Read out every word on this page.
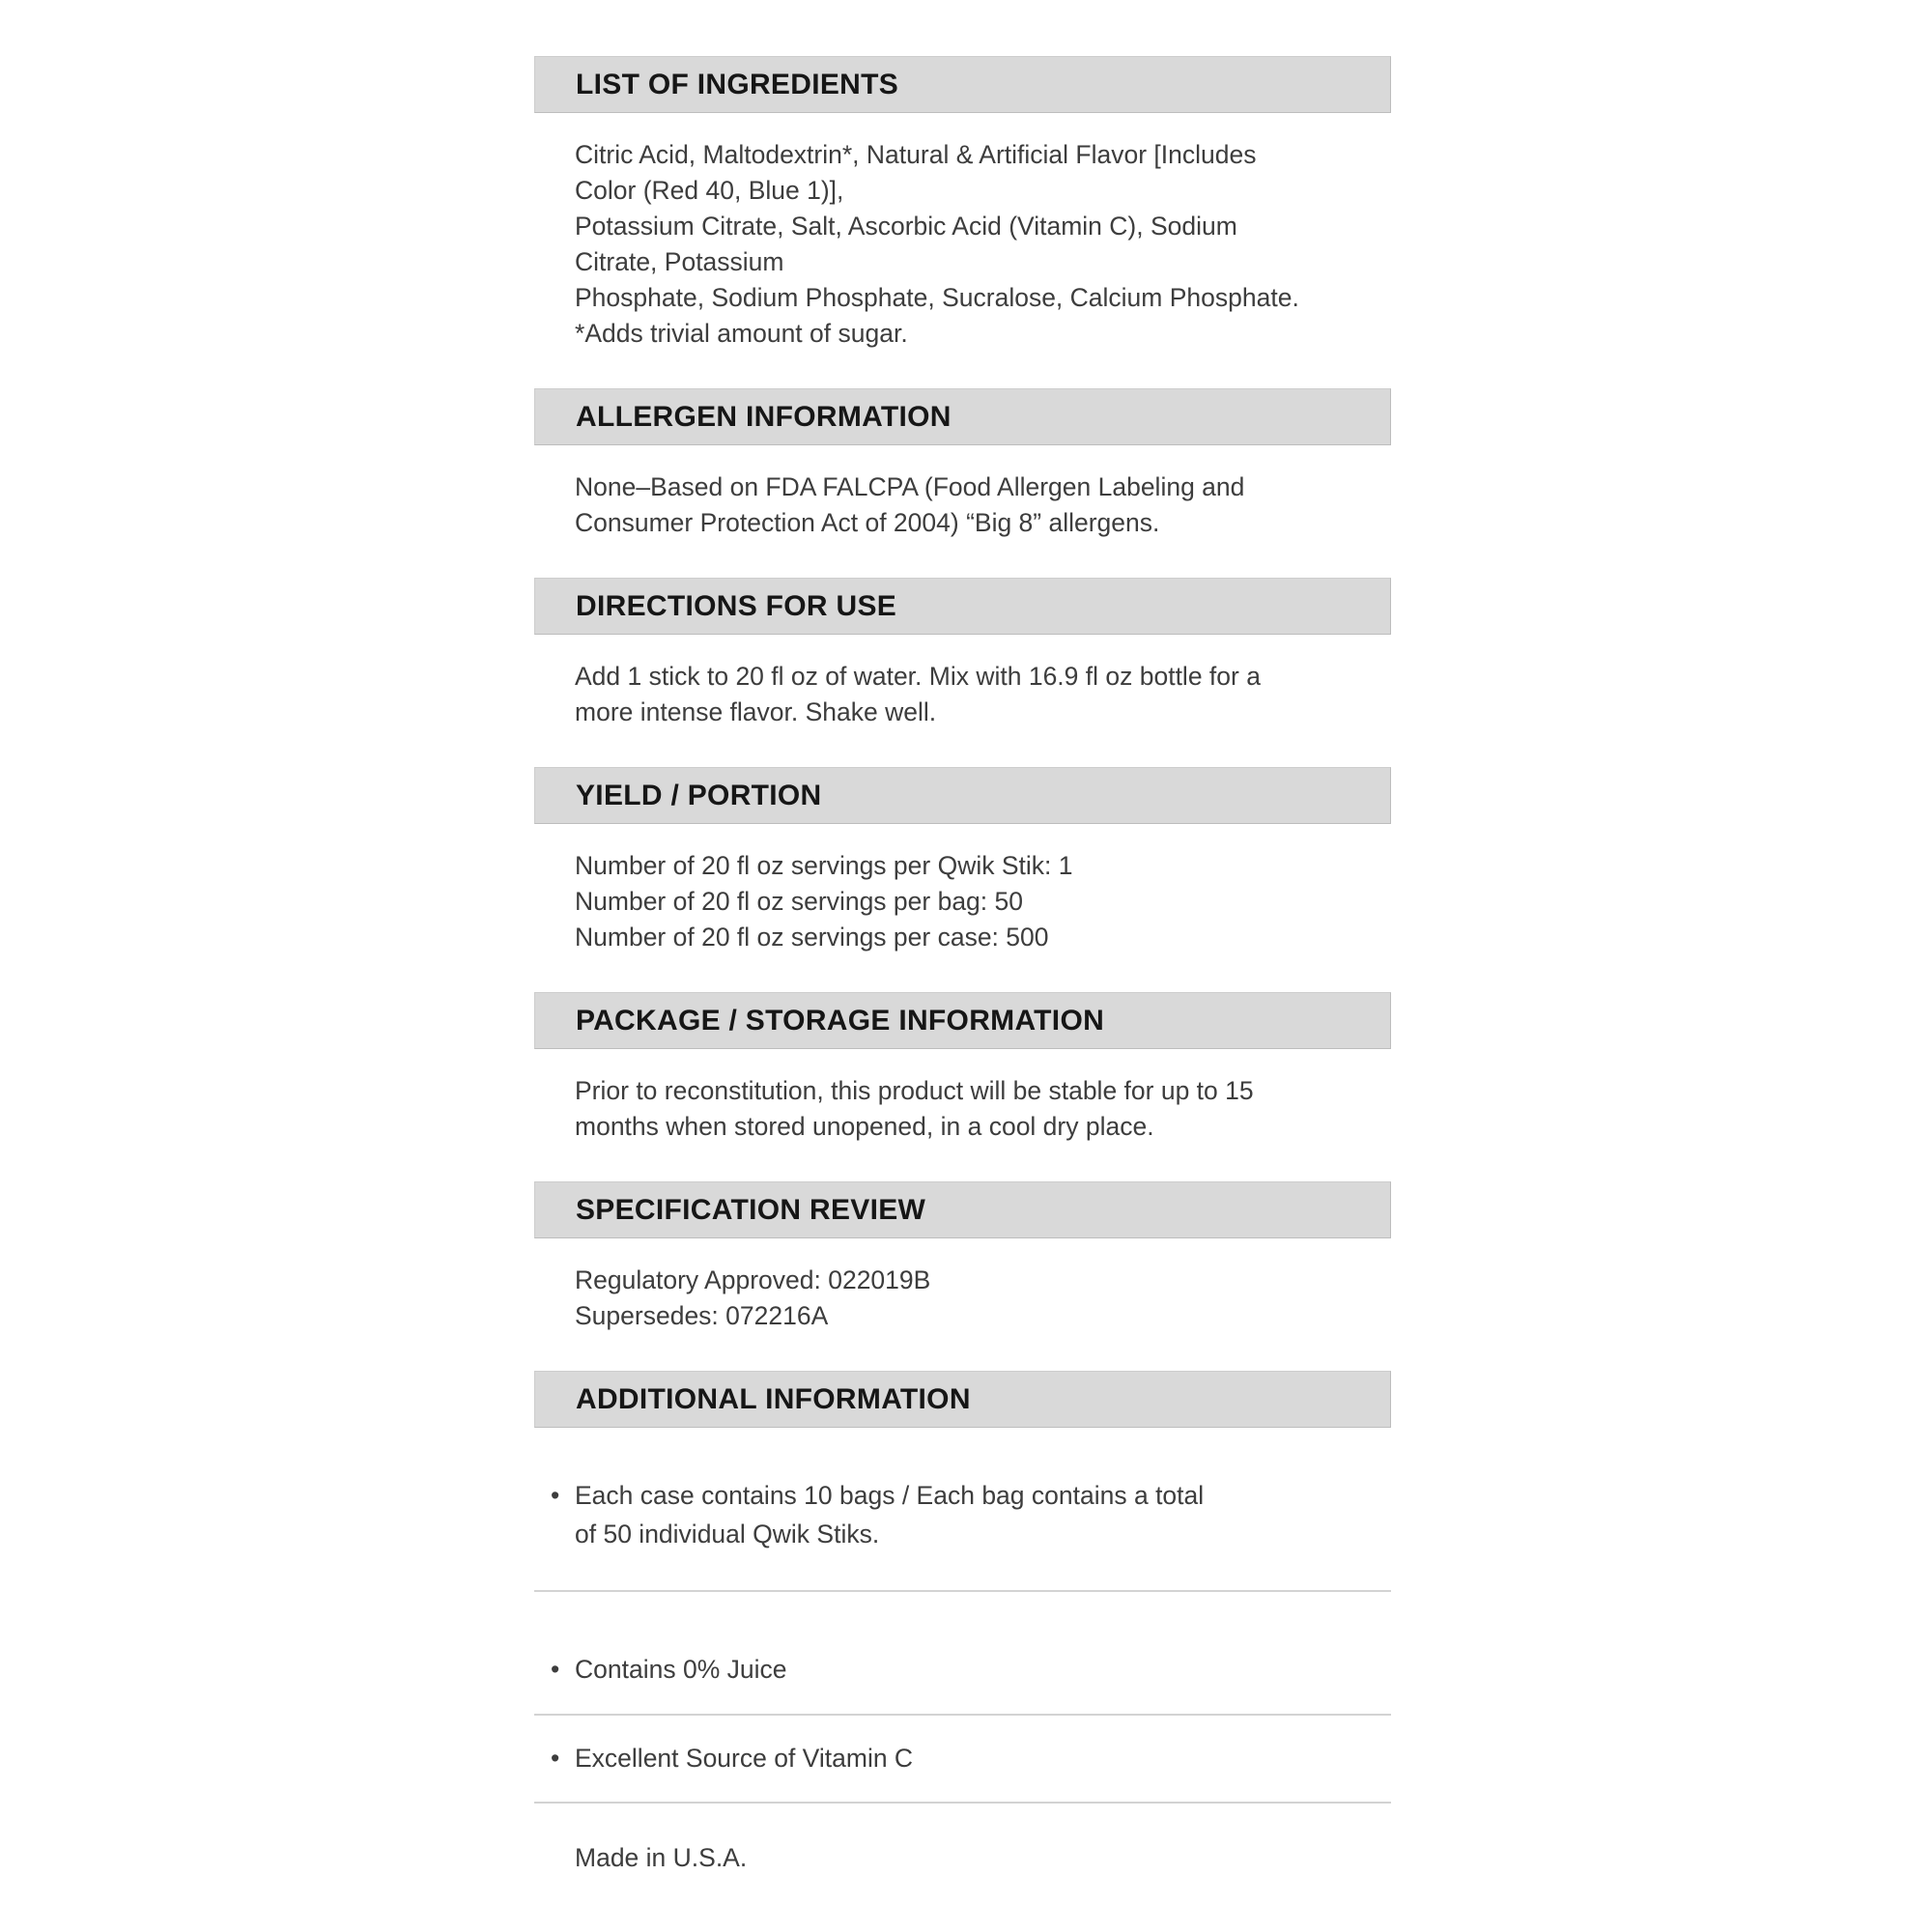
LIST OF INGREDIENTS
Citric Acid, Maltodextrin*, Natural & Artificial Flavor [Includes
Color (Red 40, Blue 1)],
Potassium Citrate, Salt, Ascorbic Acid (Vitamin C), Sodium
Citrate, Potassium
Phosphate, Sodium Phosphate, Sucralose, Calcium Phosphate.
*Adds trivial amount of sugar.
ALLERGEN INFORMATION
None–Based on FDA FALCPA (Food Allergen Labeling and
Consumer Protection Act of 2004) “Big 8” allergens.
DIRECTIONS FOR USE
Add 1 stick to 20 fl oz of water. Mix with 16.9 fl oz bottle for a
more intense flavor. Shake well.
YIELD / PORTION
Number of 20 fl oz servings per Qwik Stik: 1
Number of 20 fl oz servings per bag: 50
Number of 20 fl oz servings per case: 500
PACKAGE / STORAGE INFORMATION
Prior to reconstitution, this product will be stable for up to 15
months when stored unopened, in a cool dry place.
SPECIFICATION REVIEW
Regulatory Approved: 022019B
Supersedes: 072216A
ADDITIONAL INFORMATION
•
Each case contains 10 bags / Each bag contains a total
of 50 individual Qwik Stiks.
•
Contains 0% Juice
•
Excellent Source of Vitamin C
Made in U.S.A.
